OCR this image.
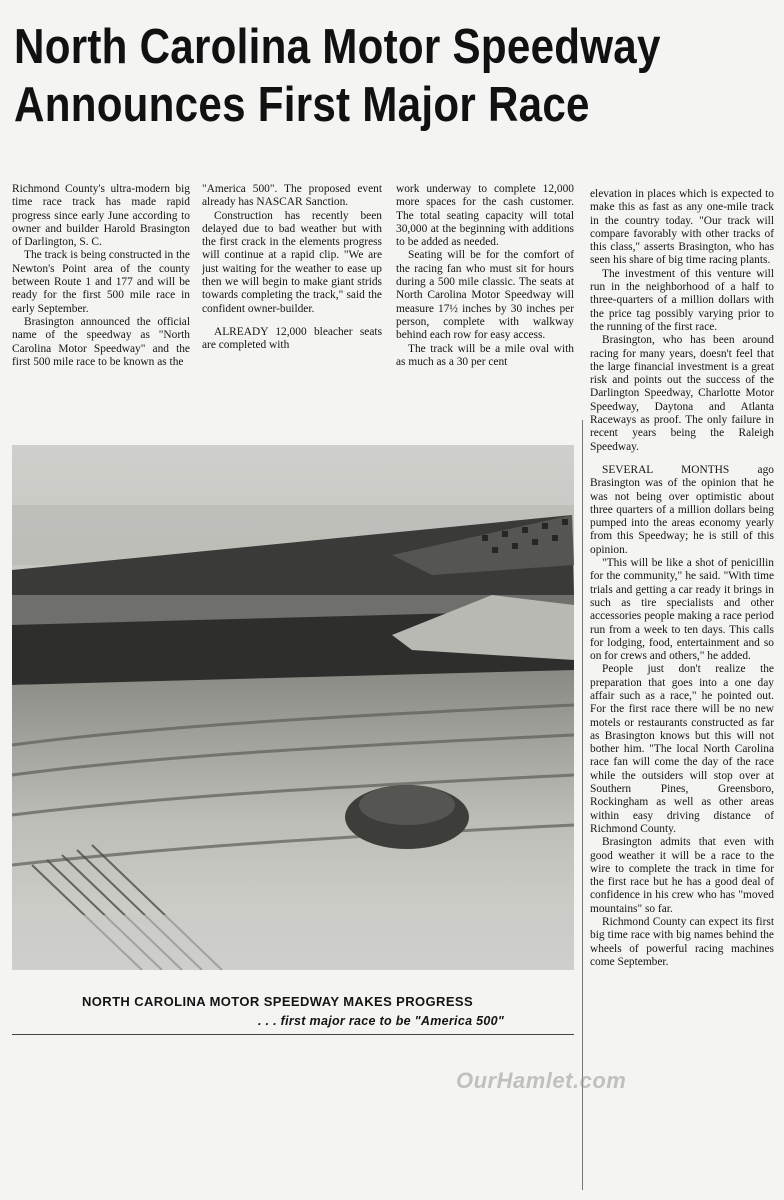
North Carolina Motor Speedway
Announces First Major Race

Richmond County's ultra-modern big time race track has made rapid progress since early June according to owner and builder Harold Brasington of Darlington, S. C.

The track is being constructed in the Newton's Point area of the county between Route 1 and 177 and will be ready for the first 500 mile race in early September.

Brasington announced the official name of the speedway as "North Carolina Motor Speedway" and the first 500 mile race to be known as the

"America 500". The proposed event already has NASCAR Sanction.

Construction has recently been delayed due to bad weather but with the first crack in the elements progress will continue at a rapid clip. "We are just waiting for the weather to ease up then we will begin to make giant strids towards completing the track," said the confident owner-builder.

ALREADY 12,000 bleacher seats are completed with

work underway to complete 12,000 more spaces for the cash customer. The total seating capacity will total 30,000 at the beginning with additions to be added as needed.

Seating will be for the comfort of the racing fan who must sit for hours during a 500 mile classic. The seats at North Carolina Motor Speedway will measure 17½ inches by 30 inches per person, complete with walkway behind each row for easy access.

The track will be a mile oval with as much as a 30 per cent

elevation in places which is expected to make this as fast as any one-mile track in the country today. "Our track will compare favorably with other tracks of this class," asserts Brasington, who has seen his share of big time racing plants.

The investment of this venture will run in the neighborhood of a half to three-quarters of a million dollars with the price tag possibly varying prior to the running of the first race.

Brasington, who has been around racing for many years, doesn't feel that the large financial investment is a great risk and points out the success of the Darlington Speedway, Charlotte Motor Speedway, Daytona and Atlanta Raceways as proof. The only failure in recent years being the Raleigh Speedway.

SEVERAL MONTHS ago Brasington was of the opinion that he was not being over optimistic about three quarters of a million dollars being pumped into the areas economy yearly from this Speedway; he is still of this opinion.

"This will be like a shot of penicillin for the community," he said. "With time trials and getting a car ready it brings in such as tire specialists and other accessories people making a race period run from a week to ten days. This calls for lodging, food, entertainment and so on for crews and others," he added.

People just don't realize the preparation that goes into a one day affair such as a race," he pointed out. For the first race there will be no new motels or restaurants constructed as far as Brasington knows but this will not bother him. "The local North Carolina race fan will come the day of the race while the outsiders will stop over at Southern Pines, Greensboro, Rockingham as well as other areas within easy driving distance of Richmond County.

Brasington admits that even with good weather it will be a race to the wire to complete the track in time for the first race but he has a good deal of confidence in his crew who has "moved mountains" so far.

Richmond County can expect its first big time race with big names behind the wheels of powerful racing machines come September.

NORTH CAROLINA MOTOR SPEEDWAY MAKES PROGRESS
. . . first major race to be "America 500"
OurHamlet.com
